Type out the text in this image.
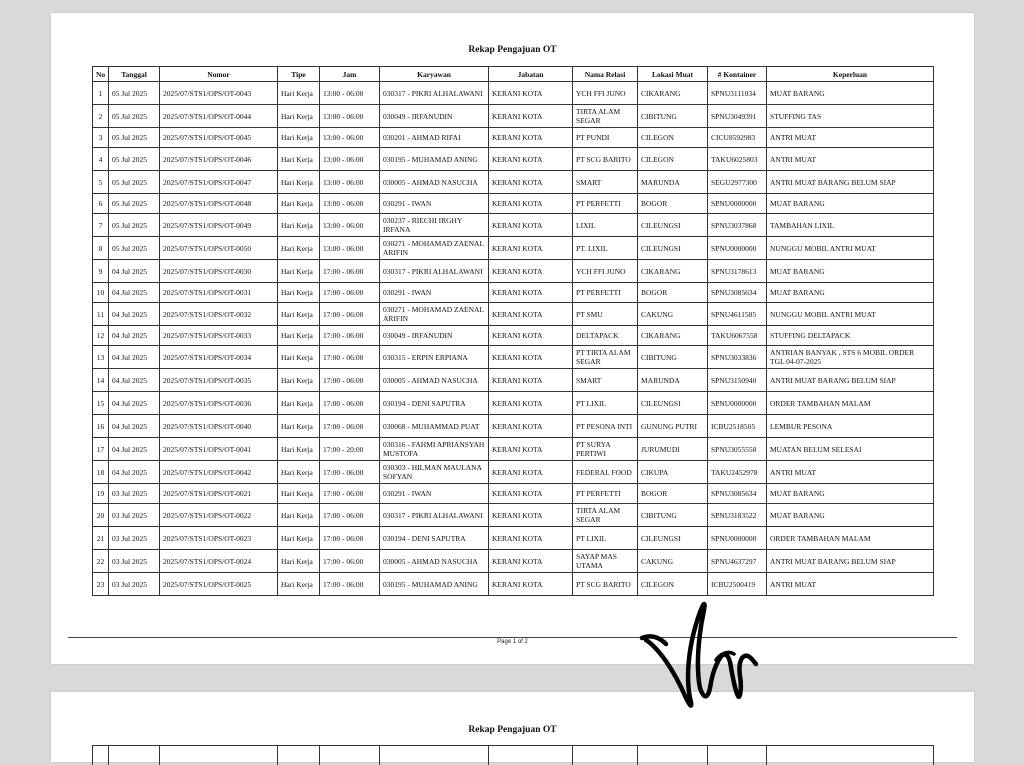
Rekap Pengajuan OT
No	Tanggal	Nomor	Tipe	Jam	Karyawan	Jabatan	Nama Relasi	Lokasi Muat	# Kontainer	Keperluan
1	05 Jul 2025	2025/07/STS1/OPS/OT-0043	Hari Kerja	13:00 - 06:00	030317 - PIKRI ALHALAWANI	KERANI KOTA	YCH FFI JUNO	CIKARANG	SPNU3111034	MUAT BARANG
2	05 Jul 2025	2025/07/STS1/OPS/OT-0044	Hari Kerja	13:00 - 06:00	030049 - IRFANUDIN	KERANI KOTA	TIRTA ALAM SEGAR	CIBITUNG	SPNU3049391	STUFFING TAS
3	05 Jul 2025	2025/07/STS1/OPS/OT-0045	Hari Kerja	13:00 - 06:00	030201 - AHMAD RIFAI	KERANI KOTA	PT PUNDI	CILEGON	CICU8592983	ANTRI MUAT
4	05 Jul 2025	2025/07/STS1/OPS/OT-0046	Hari Kerja	13:00 - 06:00	030195 - MUHAMAD ANING	KERANI KOTA	PT SCG BARITO	CILEGON	TAKU6025803	ANTRI MUAT
5	05 Jul 2025	2025/07/STS1/OPS/OT-0047	Hari Kerja	13:00 - 06:00	030005 - AHMAD NASUCHA	KERANI KOTA	SMART	MARUNDA	SEGU2977300	ANTRI MUAT BARANG BELUM SIAP
6	05 Jul 2025	2025/07/STS1/OPS/OT-0048	Hari Kerja	13:00 - 06:00	030291 - IWAN	KERANI KOTA	PT PERFETTI	BOGOR	SPNU0000000	MUAT BARANG
7	05 Jul 2025	2025/07/STS1/OPS/OT-0049	Hari Kerja	13:00 - 06:00	030237 - RIECHI IRGHY IRFANA	KERANI KOTA	LIXIL	CILEUNGSI	SPNU3037868	TAMBAHAN LIXIL
8	05 Jul 2025	2025/07/STS1/OPS/OT-0050	Hari Kerja	13:00 - 06:00	030271 - MOHAMAD ZAENAL ARIFIN	KERANI KOTA	PT. LIXIL	CILEUNGSI	SPNU0000000	NUNGGU MOBIL ANTRI MUAT
9	04 Jul 2025	2025/07/STS1/OPS/OT-0030	Hari Kerja	17:00 - 06:00	030317 - PIKRI ALHALAWANI	KERANI KOTA	YCH FFI JUNO	CIKARANG	SPNU3178613	MUAT BARANG
10	04 Jul 2025	2025/07/STS1/OPS/OT-0031	Hari Kerja	17:00 - 06:00	030291 - IWAN	KERANI KOTA	PT PERFETTI	BOGOR	SPNU3085634	MUAT BARANG
11	04 Jul 2025	2025/07/STS1/OPS/OT-0032	Hari Kerja	17:00 - 06:00	030271 - MOHAMAD ZAENAL ARIFIN	KERANI KOTA	PT SMU	CAKUNG	SPNU4611585	NUNGGU MOBIL ANTRI MUAT
12	04 Jul 2025	2025/07/STS1/OPS/OT-0033	Hari Kerja	17:00 - 06:00	030049 - IRFANUDIN	KERANI KOTA	DELTAPACK	CIKARANG	TAKU6067558	STUFFING DELTAPACK
13	04 Jul 2025	2025/07/STS1/OPS/OT-0034	Hari Kerja	17:00 - 06:00	030315 - ERPIN ERPIANA	KERANI KOTA	PT TIRTA ALAM SEGAR	CIBITUNG	SPNU3033836	ANTRIAN BANYAK , STS 6 MOBIL ORDER TGL 04-07-2025
14	04 Jul 2025	2025/07/STS1/OPS/OT-0035	Hari Kerja	17:00 - 06:00	030005 - AHMAD NASUCHA	KERANI KOTA	SMART	MARUNDA	SPNU3150940	ANTRI MUAT BARANG BELUM SIAP
15	04 Jul 2025	2025/07/STS1/OPS/OT-0036	Hari Kerja	17:00 - 06:00	030194 - DENI SAPUTRA	KERANI KOTA	PT LIXIL	CILEUNGSI	SPNU0000000	ORDER TAMBAHAN MALAM
16	04 Jul 2025	2025/07/STS1/OPS/OT-0040	Hari Kerja	17:00 - 06:00	030068 - MUHAMMAD PUAT	KERANI KOTA	PT PESONA INTI	GUNUNG PUTRI	ICBU2518505	LEMBUR PESONA
17	04 Jul 2025	2025/07/STS1/OPS/OT-0041	Hari Kerja	17:00 - 20:00	030316 - FAHMI APRIANSYAH MUSTOFA	KERANI KOTA	PT SURYA PERTIWI	JURUMUDI	SPNU3055558	MUATAN BELUM SELESAI
18	04 Jul 2025	2025/07/STS1/OPS/OT-0042	Hari Kerja	17:00 - 06:00	030303 - HILMAN MAULANA SOFYAN	KERANI KOTA	FEDERAL FOOD	CIKUPA	TAKU2452978	ANTRI MUAT
19	03 Jul 2025	2025/07/STS1/OPS/OT-0021	Hari Kerja	17:00 - 06:00	030291 - IWAN	KERANI KOTA	PT PERFETTI	BOGOR	SPNU3085634	MUAT BARANG
20	03 Jul 2025	2025/07/STS1/OPS/OT-0022	Hari Kerja	17:00 - 06:00	030317 - PIKRI ALHALAWANI	KERANI KOTA	TIRTA ALAM SEGAR	CIBITUNG	SPNU3183522	MUAT BARANG
21	03 Jul 2025	2025/07/STS1/OPS/OT-0023	Hari Kerja	17:00 - 06:00	030194 - DENI SAPUTRA	KERANI KOTA	PT LIXIL	CILEUNGSI	SPNU0000000	ORDER TAMBAHAN MALAM
22	03 Jul 2025	2025/07/STS1/OPS/OT-0024	Hari Kerja	17:00 - 06:00	030005 - AHMAD NASUCHA	KERANI KOTA	SAYAP MAS UTAMA	CAKUNG	SPNU4637297	ANTRI MUAT BARANG BELUM SIAP
23	03 Jul 2025	2025/07/STS1/OPS/OT-0025	Hari Kerja	17:00 - 06:00	030195 - MUHAMAD ANING	KERANI KOTA	PT SCG BARITO	CILEGON	ICBU2500419	ANTRI MUAT
Page 1 of 2
Rekap Pengajuan OT
